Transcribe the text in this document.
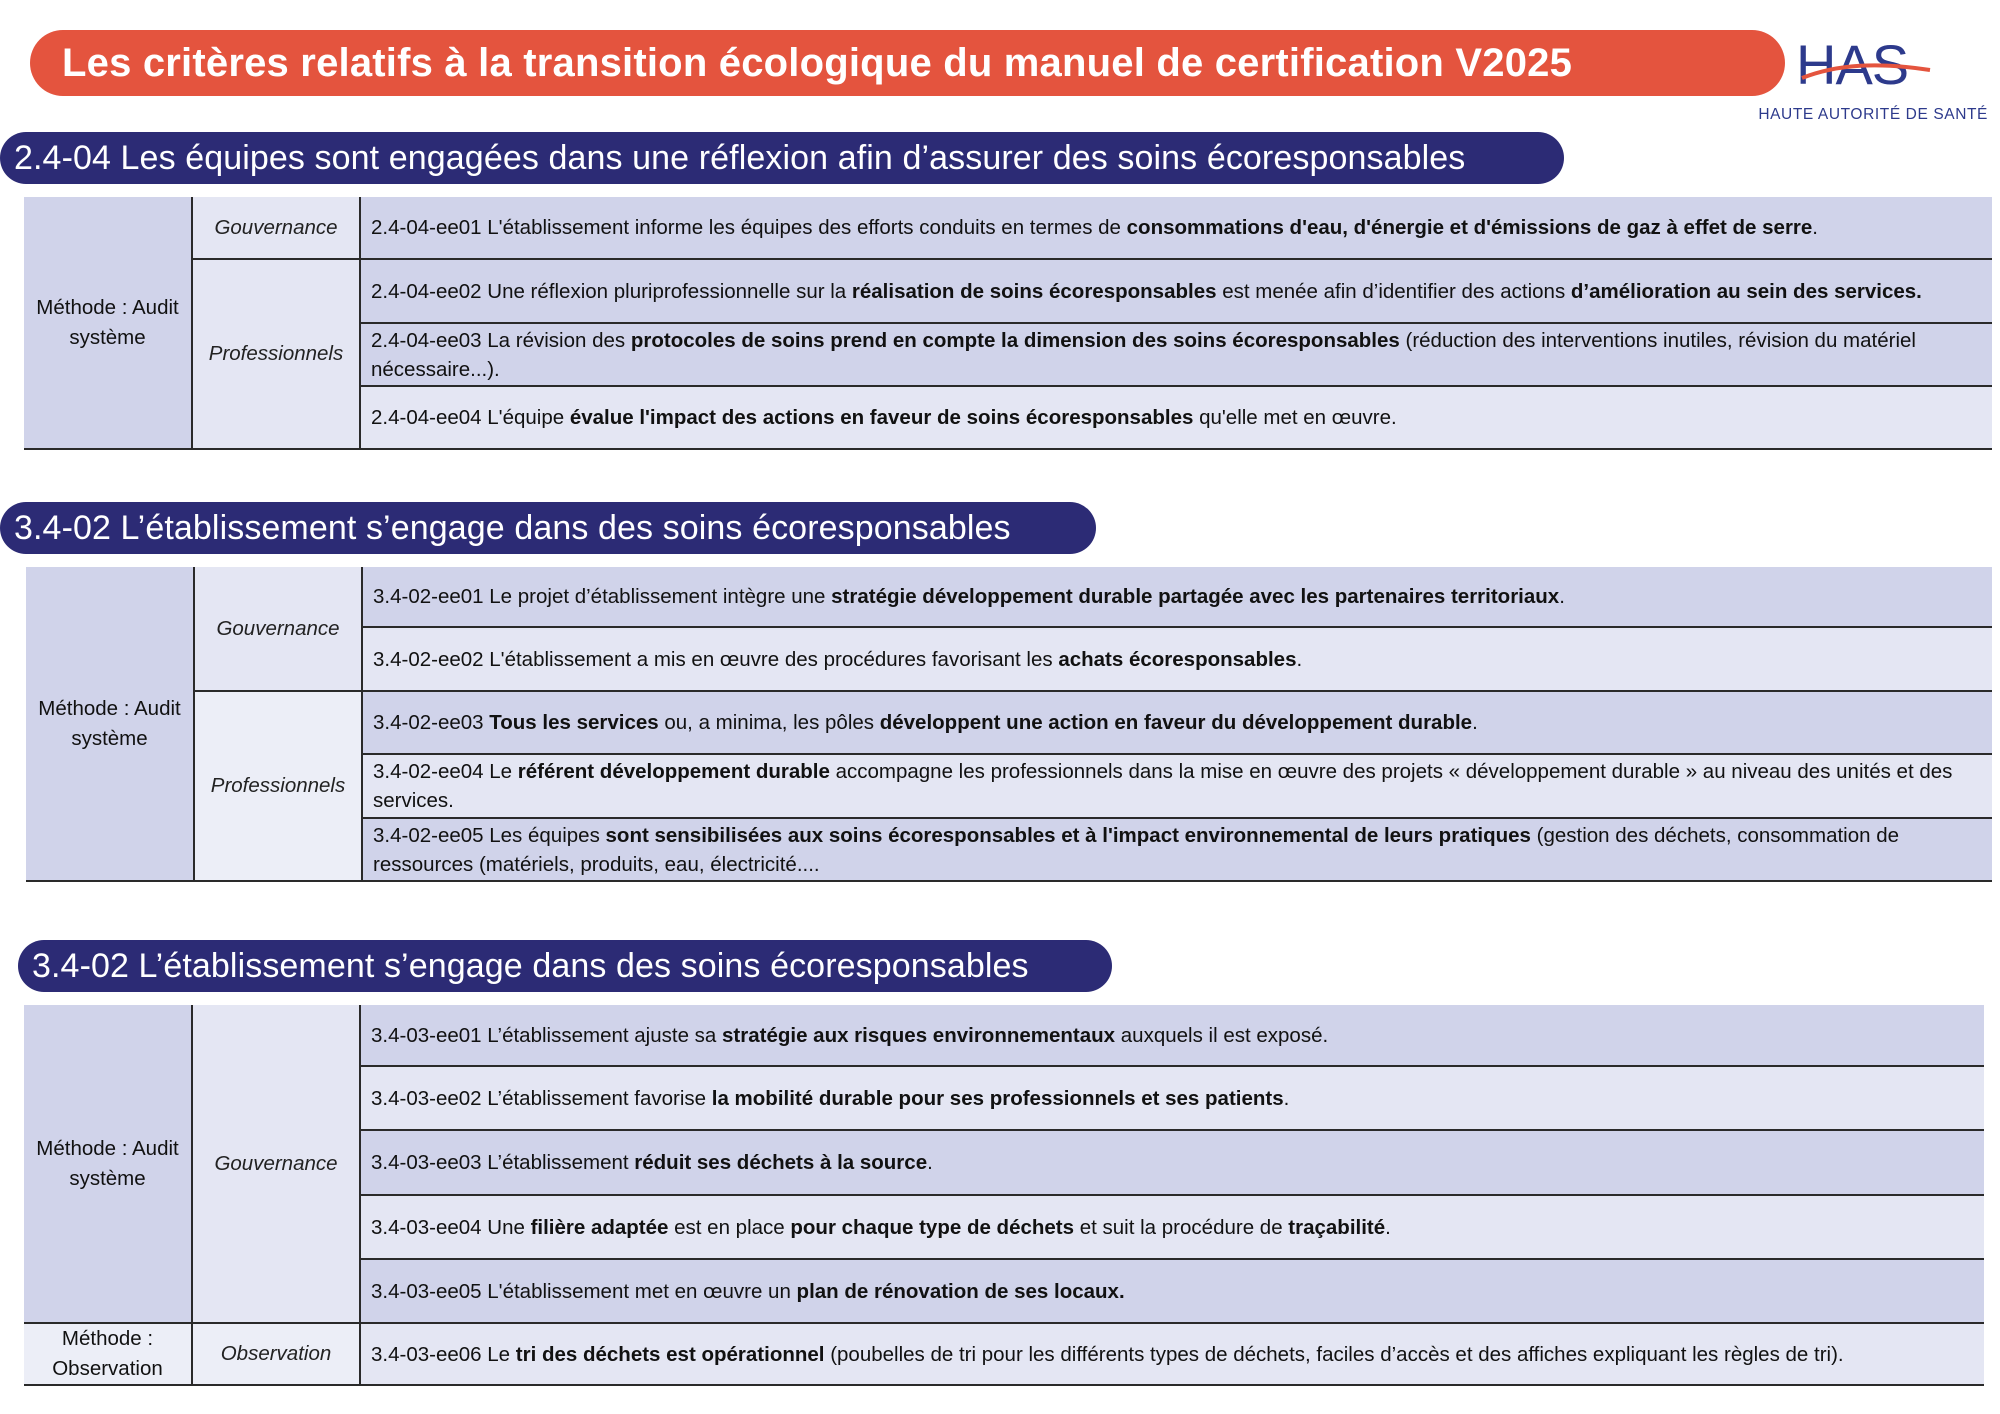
Les critères relatifs à la transition écologique du manuel de certification V2025	HAS
HAUTE AUTORITÉ DE SANTÉ
2.4-04 Les équipes sont engagées dans une réflexion afin d’assurer des soins écoresponsables
Méthode : Audit système	Gouvernance	2.4-04-ee01 L'établissement informe les équipes des efforts conduits en termes de consommations d'eau, d'énergie et d'émissions de gaz à effet de serre.

	Professionnels	2.4-04-ee02 Une réflexion pluriprofessionnelle sur la réalisation de soins écoresponsables est menée afin d’identifier des actions d’amélioration au sein des services.

		2.4-04-ee03 La révision des protocoles de soins prend en compte la dimension des soins écoresponsables (réduction des interventions inutiles, révision du matériel nécessaire...).

		2.4-04-ee04 L'équipe évalue l'impact des actions en faveur de soins écoresponsables qu'elle met en œuvre.
3.4-02 L’établissement s’engage dans des soins écoresponsables
Méthode : Audit système	Gouvernance	3.4-02-ee01 Le projet d’établissement intègre une stratégie développement durable partagée avec les partenaires territoriaux.

		3.4-02-ee02 L'établissement a mis en œuvre des procédures favorisant les achats écoresponsables.

	Professionnels	3.4-02-ee03 Tous les services ou, a minima, les pôles développent une action en faveur du développement durable.

		3.4-02-ee04 Le référent développement durable accompagne les professionnels dans la mise en œuvre des projets « développement durable » au niveau des unités et des services.

		3.4-02-ee05 Les équipes sont sensibilisées aux soins écoresponsables et à l'impact environnemental de leurs pratiques (gestion des déchets, consommation de ressources (matériels, produits, eau, électricité....
3.4-02 L’établissement s’engage dans des soins écoresponsables
Méthode : Audit système	Gouvernance	3.4-03-ee01 L’établissement ajuste sa stratégie aux risques environnementaux auxquels il est exposé.

		3.4-03-ee02 L’établissement favorise la mobilité durable pour ses professionnels et ses patients.

		3.4-03-ee03 L’établissement réduit ses déchets à la source.

		3.4-03-ee04 Une filière adaptée est en place pour chaque type de déchets et suit la procédure de traçabilité.

		3.4-03-ee05 L'établissement met en œuvre un plan de rénovation de ses locaux.

Méthode : Observation	Observation	3.4-03-ee06 Le tri des déchets est opérationnel (poubelles de tri pour les différents types de déchets, faciles d’accès et des affiches expliquant les règles de tri).
